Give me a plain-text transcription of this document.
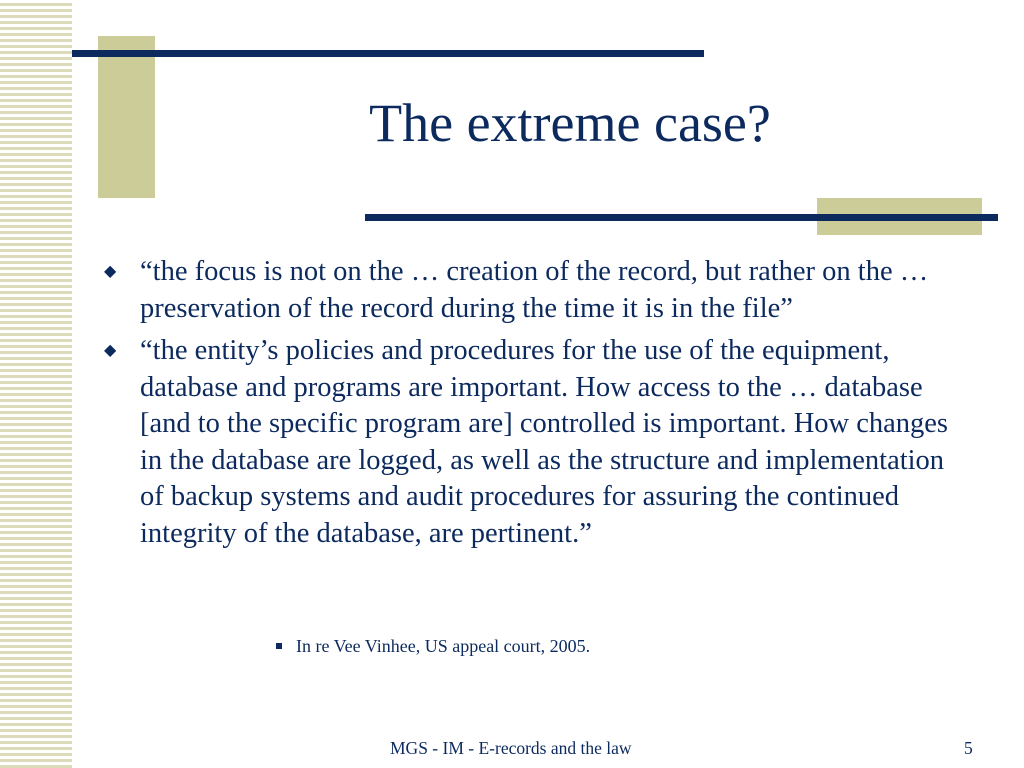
The extreme case?
◆ “the focus is not on the … creation of the record, but rather on the … preservation of the record during the time it is in the file”
◆ “the entity’s policies and procedures for the use of the equipment, database and programs are important. How access to the … database [and to the specific program are] controlled is important. How changes in the database are logged, as well as the structure and implementation of backup systems and audit procedures for assuring the continued integrity of the database, are pertinent.”
In re Vee Vinhee, US appeal court, 2005.
MGS - IM - E-records and the law	5
